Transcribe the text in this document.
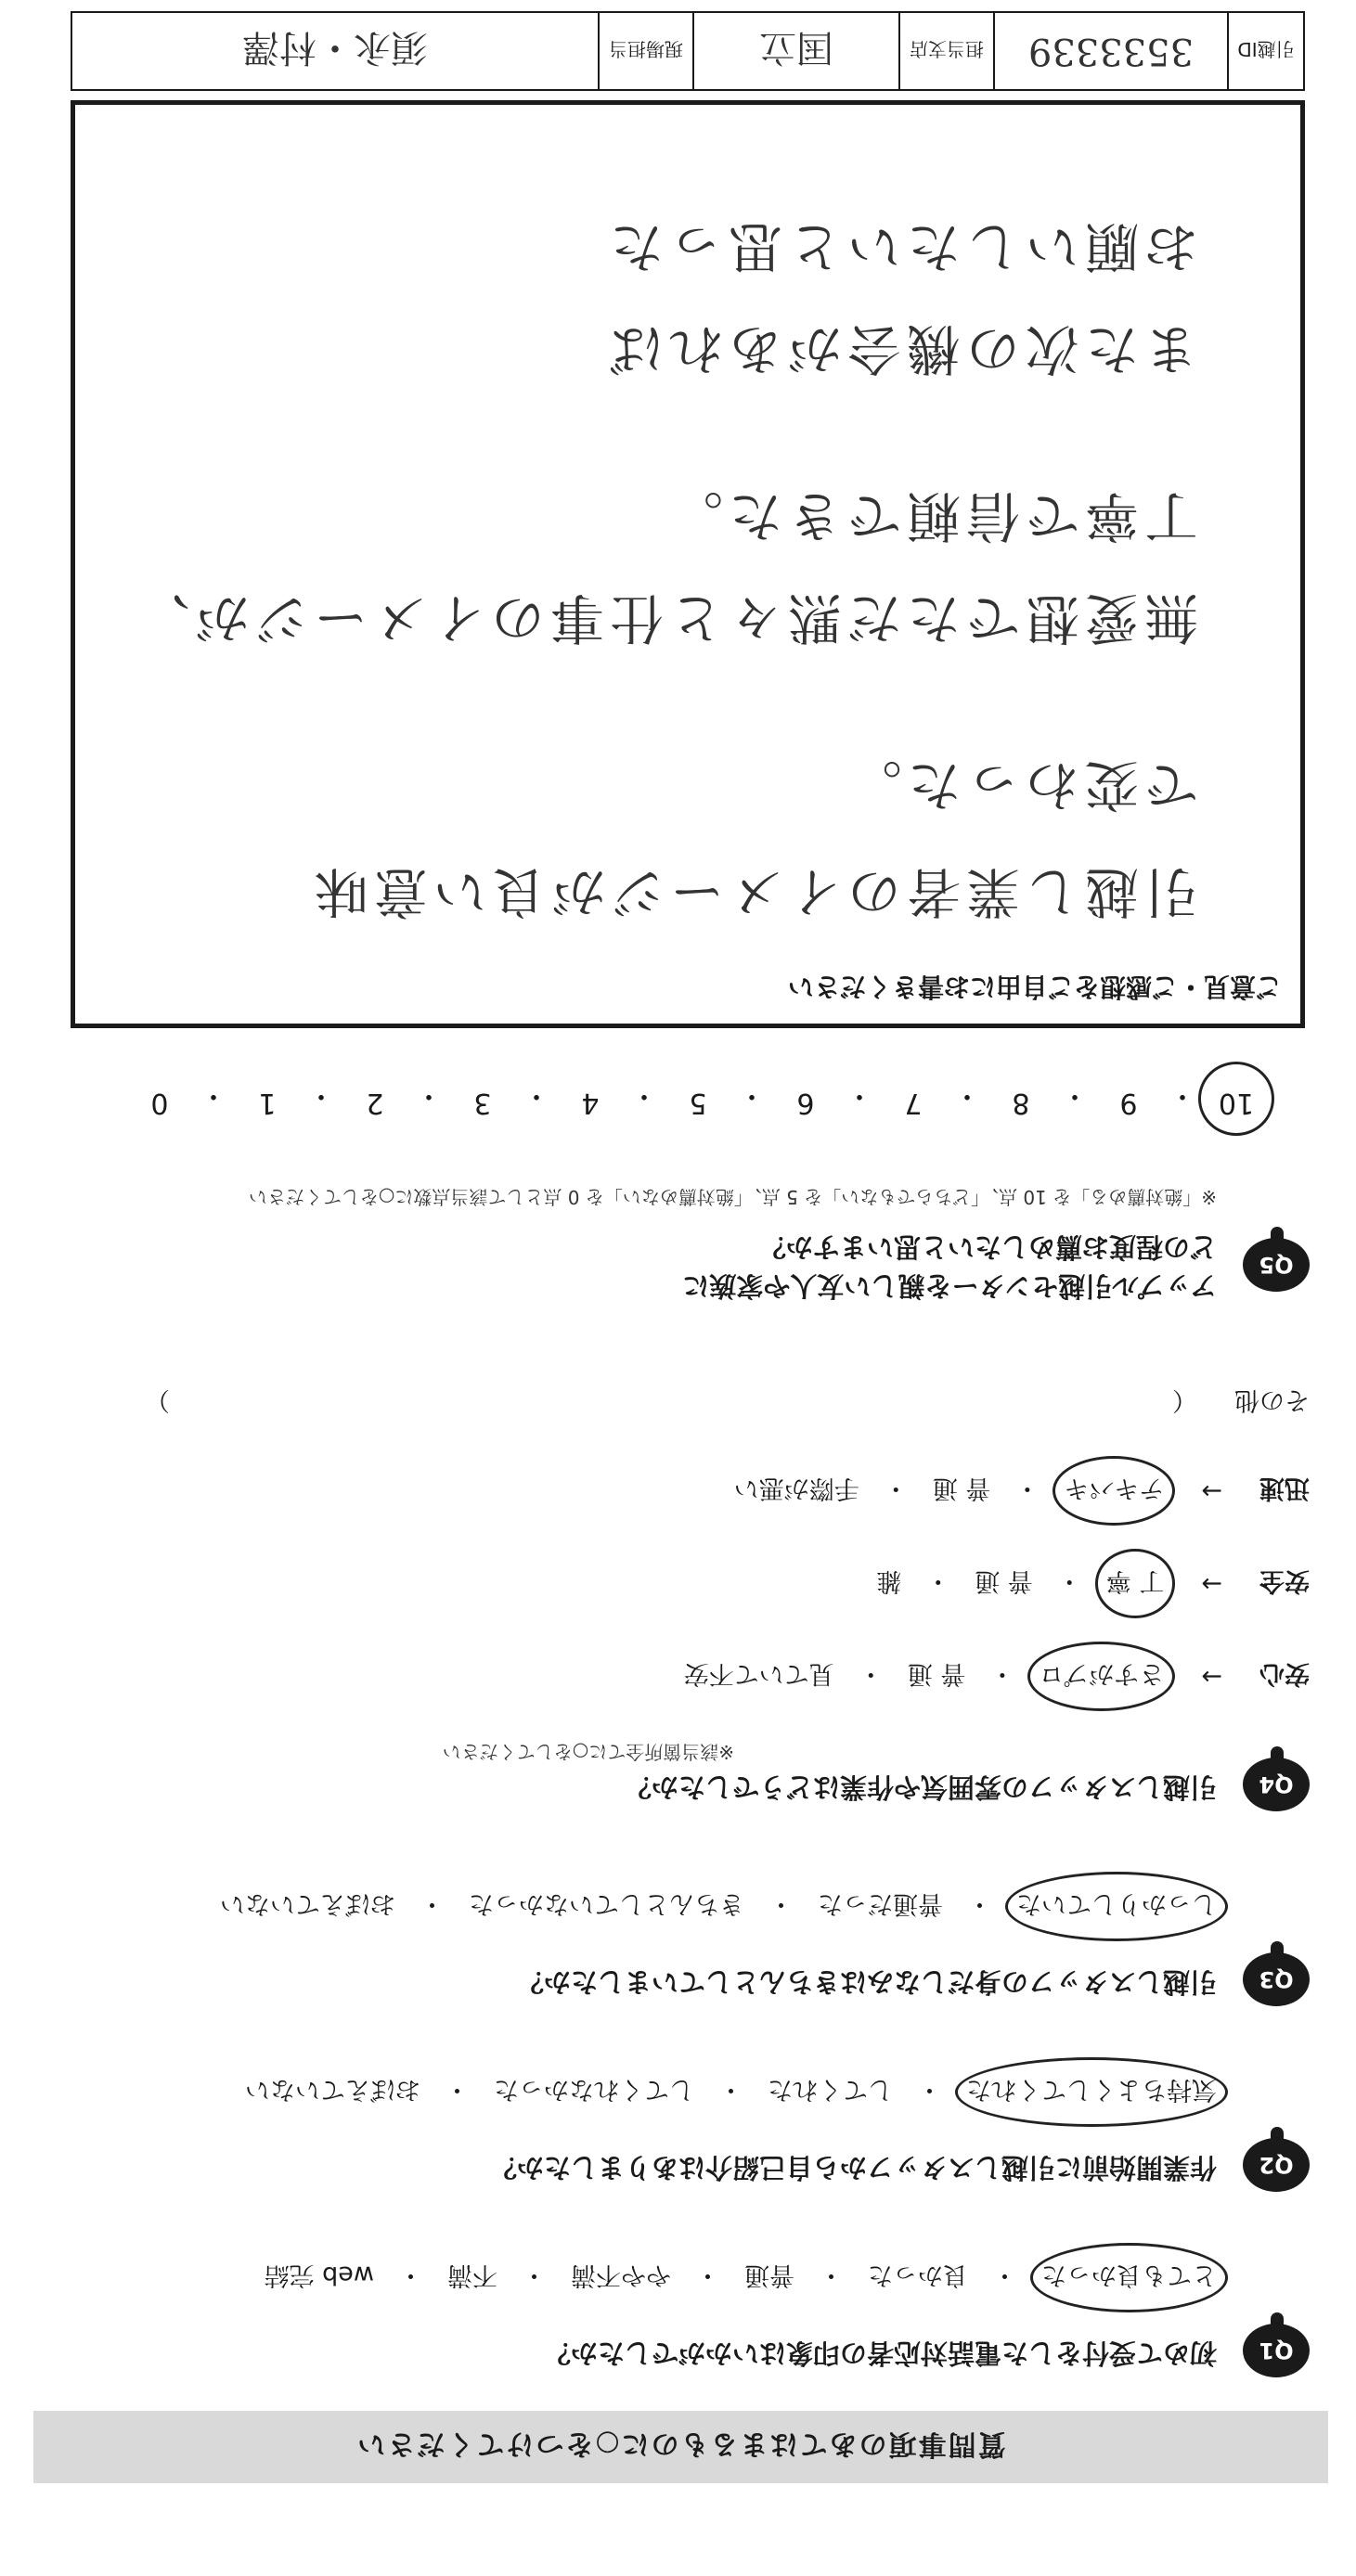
質問事項のあてはまるものに○をつけてください
Q1
初めて受付をした電話対応者の印象はいかがでしたか？
とても良かった
・
良かった
・
普通
・
やや不満
・
不満
・
web 完結
Q2
作業開始前に引越しスタッフから自己紹介はありましたか？
気持ちよくしてくれた
・
してくれた
・
してくれなかった
・
おぼえていない
Q3
引越しスタッフの身だしなみはきちんとしていましたか？
しっかりしていた
・
普通だった
・
きちんとしていなかった
・
おぼえていない
Q4
引越しスタッフの雰囲気や作業はどうでしたか？
※該当箇所全てに○をしてください
安心
→
さすがプロ
・
普 通
・
見ていて不安
安全
→
丁 寧
・
普 通
・
雑
迅速
→
テキパキ
・
普 通
・
手際が悪い
その他
（
）
Q5
アップル引越センターを親しい友人や家族に
どの程度お薦めしたいと思いますか？
※「絶対薦める」を 10 点、「どちらでもない」を 5 点、「絶対薦めない」を 0 点として該当点数に○をしてください
10
・
9
・
8
・
7
・
6
・
5
・
4
・
3
・
2
・
1
・
0
ご意見・ご感想をご自由にお書きください
引越し業者のイメージが良い意味
で変わった。
無愛想でただ黙々と仕事のイメージが、
丁寧で信頼できた。
また次の機会があれば
お願いしたいと思った
引越ID
3533339
担当支店
国立
現場担当
須永・村澤
